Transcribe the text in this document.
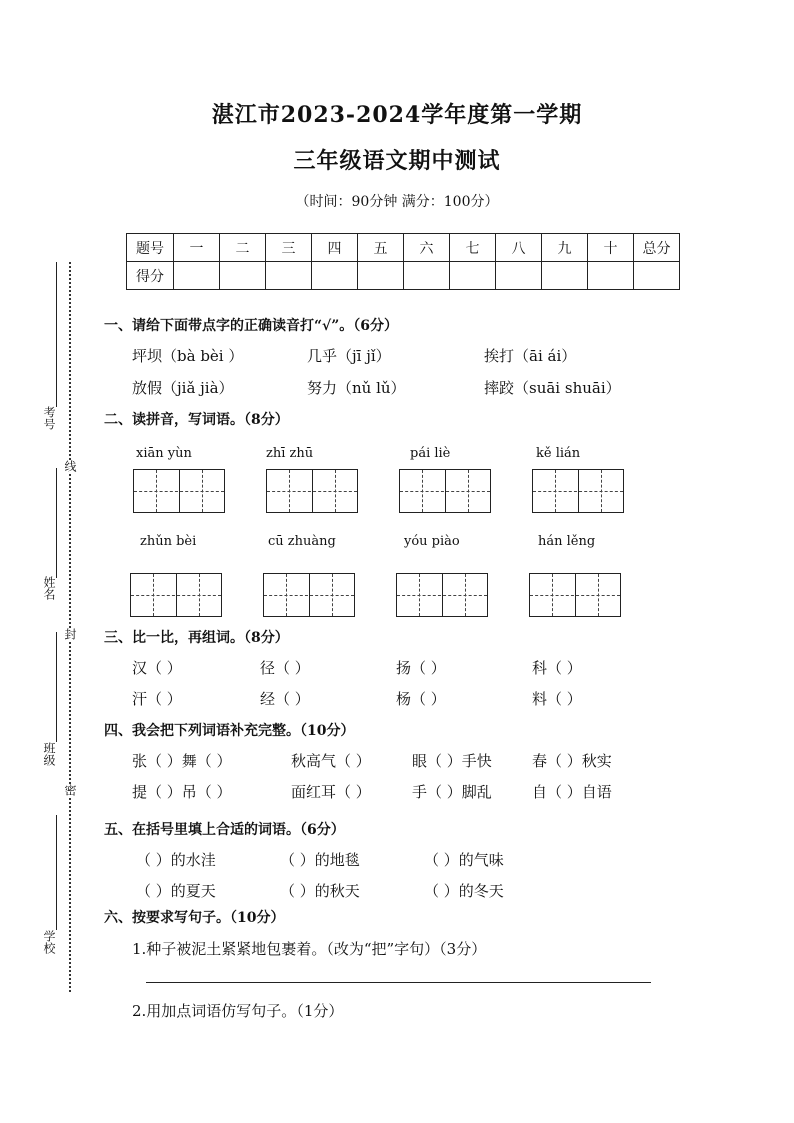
湛江市2023-2024学年度第一学期
三年级语文期中测试
（时间：90分钟 满分：100分）
题号	一	二	三	四	五	六	七	八	九	十	总分
得分											
考号
姓名
班级
学校
线
封
密
一、请给下面带点字的正确读音打“√”。（6分）
坪坝（bà bèi ）	几乎（jī jǐ）	挨打（āi ái）
放假（jiǎ jià）	努力（nǔ lǔ）	摔跤（suāi shuāi）
二、读拼音，写词语。（8分）
xiān yùn	zhī zhū	pái liè	kě lián
zhǔn bèi	cū zhuàng	yóu piào	hán lěng
三、比一比，再组词。（8分）
汉（ ）	径（ ）	扬（ ）	科（ ）
汗（ ）	经（ ）	杨（ ）	料（ ）
四、我会把下列词语补充完整。（10分）
张（ ）舞（ ）	秋高气（ ）	眼（ ）手快	春（ ）秋实
提（ ）吊（ ）	面红耳（ ）	手（ ）脚乱	自（ ）自语
五、在括号里填上合适的词语。（6分）
（ ）的水洼	（ ）的地毯	（ ）的气味
（ ）的夏天	（ ）的秋天	（ ）的冬天
六、按要求写句子。（10分）
1.种子被泥土紧紧地包裹着。（改为“把”字句）（3分）
2.用加点词语仿写句子。（1分）
